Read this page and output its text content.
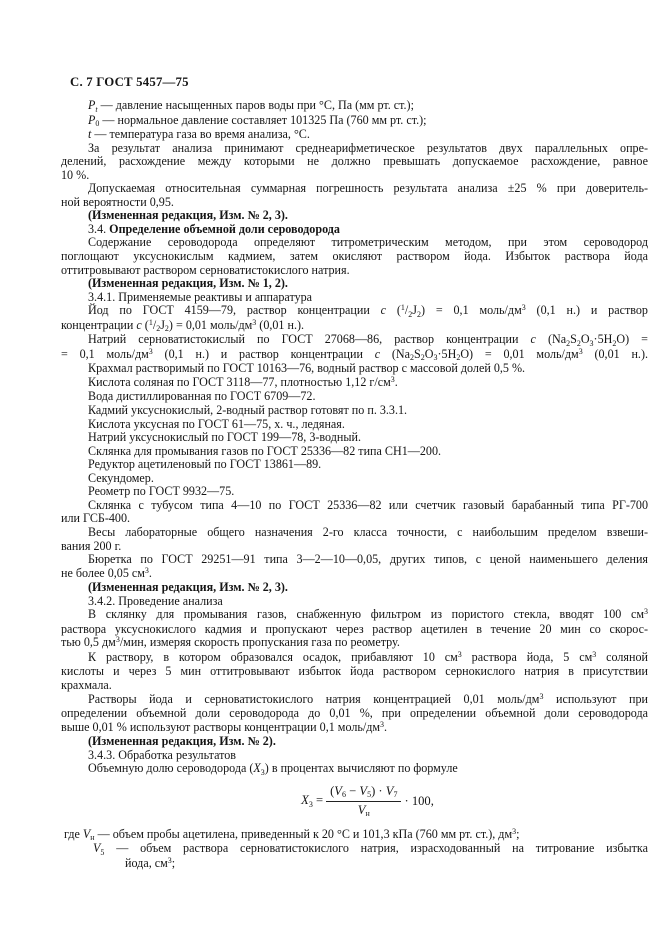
С. 7 ГОСТ 5457—75
$Р_t$ — давление насыщенных паров воды при °С, Па (мм рт. ст.);
$Р_0$ — нормальное давление составляет 101325 Па (760 мм рт. ст.);
t — температура газа во время анализа, °С.
За результат анализа принимают среднеарифметическое результатов двух параллельных опре-
делений, расхождение между которыми не должно превышать допускаемое расхождение, равное
10 %.
Допускаемая относительная суммарная погрешность результата анализа ±25 % при доверитель-
ной вероятности 0,95.
(Измененная редакция, Изм. № 2, 3).
3.4. Определение объемной доли сероводорода
Содержание сероводорода определяют титрометрическим методом, при этом сероводород
поглощают уксуснокислым кадмием, затем окисляют раствором йода. Избыток раствора йода
оттитровывают раствором серноватистокислого натрия.
(Измененная редакция, Изм. № 1, 2).
3.4.1. Применяемые реактивы и аппаратура
Йод по ГОСТ 4159—79, раствор концентрации с $(^1/_2J_2) = 0,1$ моль/$дм^3$ (0,1 н.) и раствор
концентрации с $(^1/_2J_2) = 0,01$ моль/$дм^3$ (0,01 н.).
Натрий серноватистокислый по ГОСТ 27068—86, раствор концентрации с $(Na_2S_2O_3\cdot 5H_2O)$ =
= 0,1 моль/$дм^3$ (0,1 н.) и раствор концентрации с $(Na_2S_2O_3\cdot 5H_2O) = 0,01$ моль/$дм^3$ (0,01 н.).
Крахмал растворимый по ГОСТ 10163—76, водный раствор с массовой долей 0,5 %.
Кислота соляная по ГОСТ 3118—77, плотностью 1,12 $г/см^3$.
Вода дистиллированная по ГОСТ 6709—72.
Кадмий уксуснокислый, 2-водный раствор готовят по п. 3.3.1.
Кислота уксусная по ГОСТ 61—75, х. ч., ледяная.
Натрий уксуснокислый по ГОСТ 199—78, 3-водный.
Склянка для промывания газов по ГОСТ 25336—82 типа СН1—200.
Редуктор ацетиленовый по ГОСТ 13861—89.
Секундомер.
Реометр по ГОСТ 9932—75.
Склянка с тубусом типа 4—10 по ГОСТ 25336—82 или счетчик газовый барабанный типа РГ-700
или ГСБ-400.
Весы лабораторные общего назначения 2-го класса точности, с наибольшим пределом взвеши-
вания 200 г.
Бюретка по ГОСТ 29251—91 типа 3—2—10—0,05, других типов, с ценой наименьшего деления
не более 0,05 $см^3$.
(Измененная редакция, Изм. № 2, 3).
3.4.2. Проведение анализа
В склянку для промывания газов, снабженную фильтром из пористого стекла, вводят 100 $см^3$
раствора уксуснокислого кадмия и пропускают через раствор ацетилен в течение 20 мин со скорос-
тью 0,5 $дм^3$/мин, измеряя скорость пропускания газа по реометру.
К раствору, в котором образовался осадок, прибавляют 10 $см^3$ раствора йода, 5 $см^3$ соляной
кислоты и через 5 мин оттитровывают избыток йода раствором сернокислого натрия в присутствии
крахмала.
Растворы йода и серноватистокислого натрия концентрацией 0,01 моль/$дм^3$ используют при
определении объемной доли сероводорода до 0,01 %, при определении объемной доли сероводорода
выше 0,01 % используют растворы концентрации 0,1 моль/$дм^3$.
(Измененная редакция, Изм. № 2).
3.4.3. Обработка результатов
Объемную долю сероводорода $(Х_3)$ в процентах вычисляют по формуле
$Х3 = \frac{(V6 - V5) \cdot V7}{Vн} \cdot 100$,
где $V_н$ — объем пробы ацетилена, приведенный к 20 °С и 101,3 кПа (760 мм рт. ст.), $дм^3$;
$V_5$ — объем раствора серноватистокислого натрия, израсходованный на титрование избытка
йода, $см^3$;
